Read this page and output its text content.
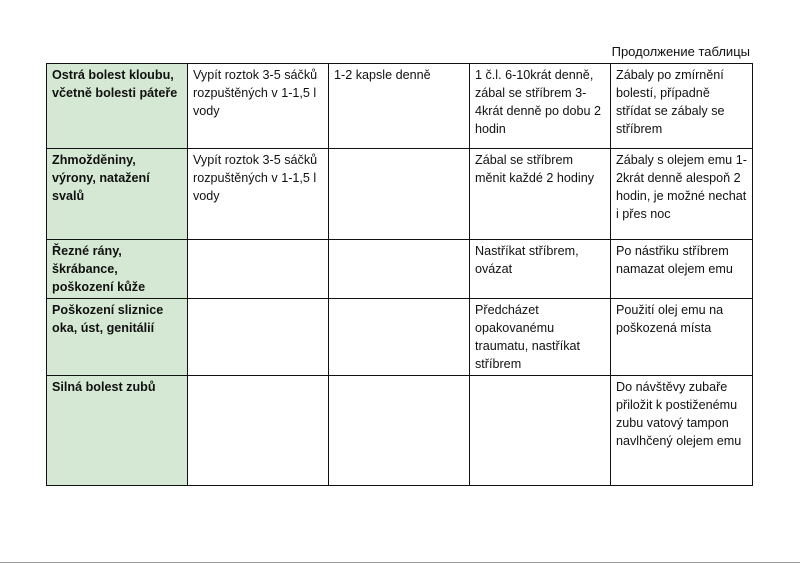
Продолжение таблицы
Ostrá bolest kloubu, včetně bolesti páteře	Vypít roztok 3-5 sáčků rozpuštěných v 1-1,5 l vody	1-2 kapsle denně	1 č.l. 6-10krát denně, zábal se stříbrem 3-4krát denně po dobu 2 hodin	Zábaly po zmírnění bolestí, případně střídat se zábaly se stříbrem
Zhmožděniny, výrony, natažení svalů	Vypít roztok 3-5 sáčků rozpuštěných v 1-1,5 l vody		Zábal se stříbrem měnit každé 2 hodiny	Zábaly s olejem emu 1-2krát denně alespoň 2 hodin, je možné nechat i přes noc
Řezné rány, škrábance, poškození kůže			Nastříkat stříbrem, ovázat	Po nástřiku stříbrem namazat olejem emu
Poškození sliznice oka, úst, genitálií			Předcházet opakovanému traumatu, nastříkat stříbrem	Použití olej emu na poškozená místa
Silná bolest zubů				Do návštěvy zubaře přiložit k postiženému zubu vatový tampon navlhčený olejem emu
